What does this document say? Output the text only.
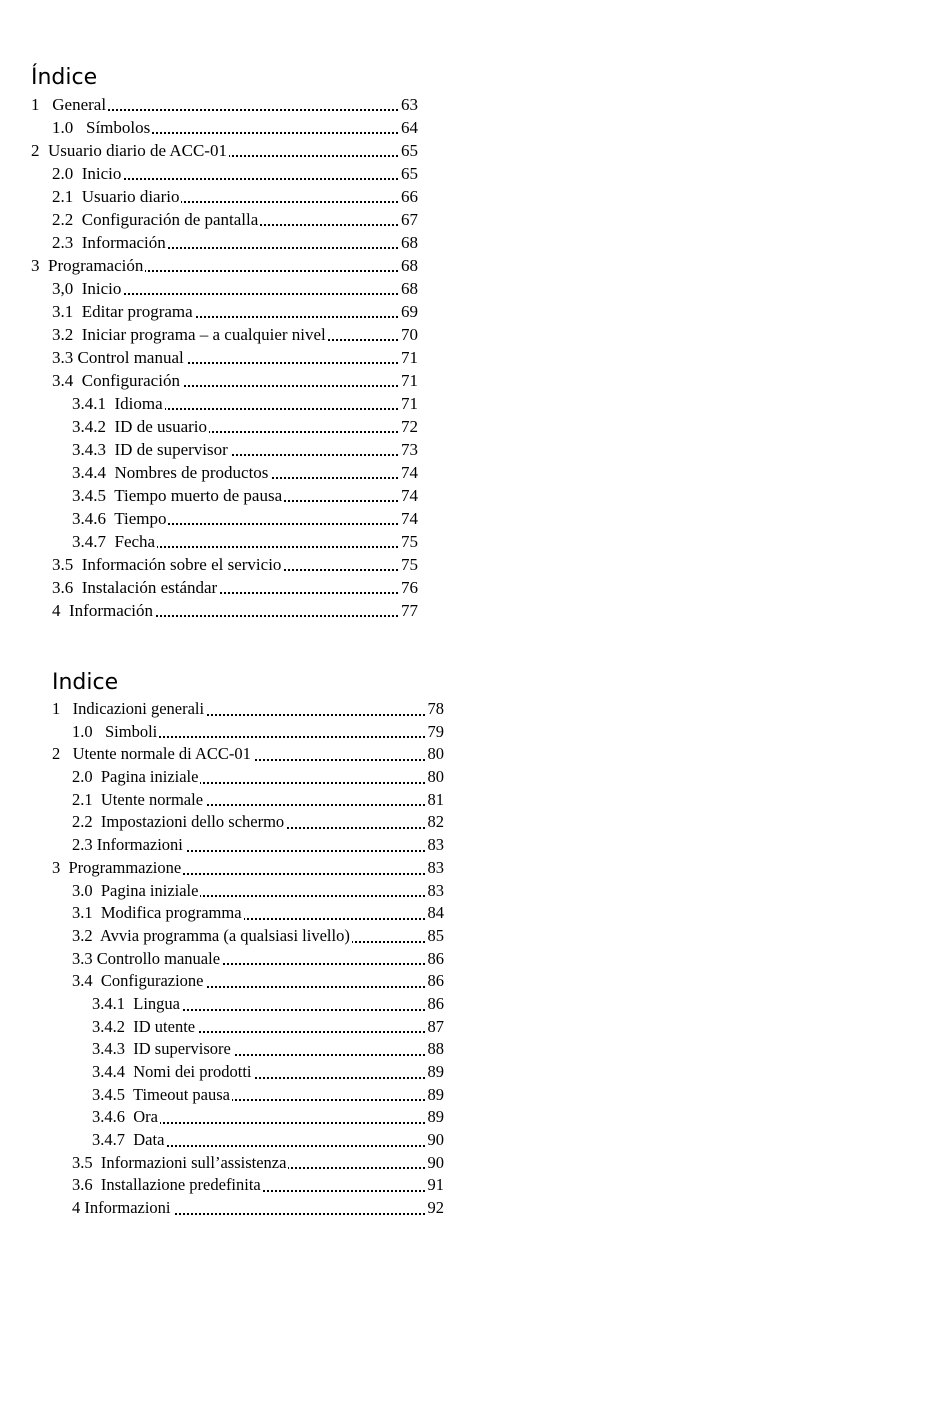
Índice
1   General	63
1.0   Símbolos	64
2  Usuario diario de ACC-01	65
2.0  Inicio	65
2.1  Usuario diario	66
2.2  Configuración de pantalla	67
2.3  Información	68
3  Programación	68
3,0  Inicio	68
3.1  Editar programa	69
3.2  Iniciar programa – a cualquier nivel	70
3.3 Control manual	71
3.4  Configuración	71
3.4.1  Idioma	71
3.4.2  ID de usuario	72
3.4.3  ID de supervisor	73
3.4.4  Nombres de productos	74
3.4.5  Tiempo muerto de pausa	74
3.4.6  Tiempo	74
3.4.7  Fecha	75
3.5  Información sobre el servicio	75
3.6  Instalación estándar	76
4  Información	77
Indice
1   Indicazioni generali	78
1.0   Simboli	79
2   Utente normale di ACC-01	80
2.0  Pagina iniziale	80
2.1  Utente normale	81
2.2  Impostazioni dello schermo	82
2.3 Informazioni	83
3  Programmazione	83
3.0  Pagina iniziale	83
3.1  Modifica programma	84
3.2  Avvia programma (a qualsiasi livello)	85
3.3 Controllo manuale	86
3.4  Configurazione	86
3.4.1  Lingua	86
3.4.2  ID utente	87
3.4.3  ID supervisore	88
3.4.4  Nomi dei prodotti	89
3.4.5  Timeout pausa	89
3.4.6  Ora	89
3.4.7  Data	90
3.5  Informazioni sull’assistenza	90
3.6  Installazione predefinita	91
4 Informazioni	92
